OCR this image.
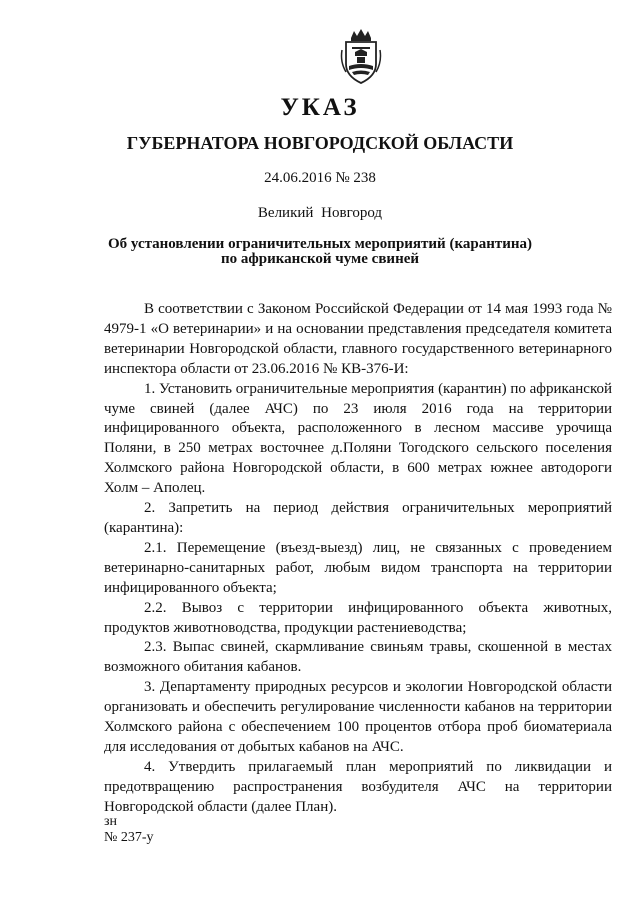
УКАЗ
ГУБЕРНАТОРА НОВГОРОДСКОЙ ОБЛАСТИ
24.06.2016 № 238
Великий Новгород
Об установлении ограничительных мероприятий (карантина)
по африканской чуме свиней

В соответствии с Законом Российской Федерации от 14 мая 1993 года № 4979-1 «О ветеринарии» и на основании представления председателя комитета ветеринарии Новгородской области, главного государственного ветеринарного инспектора области от 23.06.2016 № КВ-376-И:

1. Установить ограничительные мероприятия (карантин) по африканской чуме свиней (далее АЧС) по 23 июля 2016 года на территории инфицированного объекта, расположенного в лесном массиве урочища Поляни, в 250 метрах восточнее д.Поляни Тогодского сельского поселения Холмского района Новгородской области, в 600 метрах южнее автодороги Холм – Аполец.

2. Запретить на период действия ограничительных мероприятий (карантина):

2.1. Перемещение (въезд-выезд) лиц, не связанных с проведением ветеринарно-санитарных работ, любым видом транспорта на территории инфицированного объекта;

2.2. Вывоз с территории инфицированного объекта животных, продуктов животноводства, продукции растениеводства;

2.3. Выпас свиней, скармливание свиньям травы, скошенной в местах возможного обитания кабанов.

3. Департаменту природных ресурсов и экологии Новгородской области организовать и обеспечить регулирование численности кабанов на территории Холмского района с обеспечением 100 процентов отбора проб биоматериала для исследования от добытых кабанов на АЧС.

4. Утвердить прилагаемый план мероприятий по ликвидации и предотвращению распространения возбудителя АЧС на территории Новгородской области (далее План).

зн
№ 237-у
